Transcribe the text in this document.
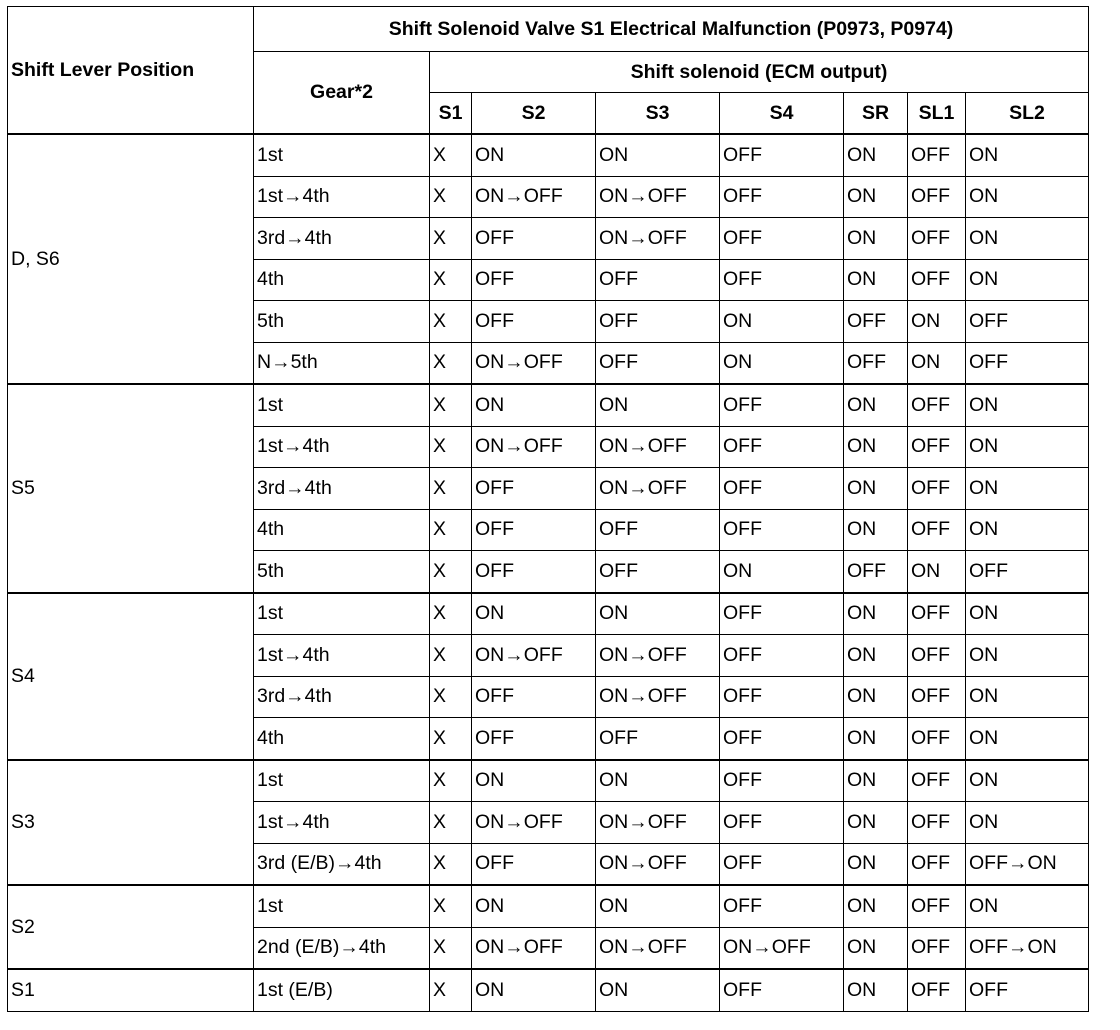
Shift Lever Position	Shift Solenoid Valve S1 Electrical Malfunction (P0973, P0974)							
	Gear*2	Shift solenoid (ECM output)						
		S1	S2	S3	S4	SR	SL1	SL2
D, S6	1st	X	ON	ON	OFF	ON	OFF	ON
	1st→4th	X	ON→OFF	ON→OFF	OFF	ON	OFF	ON
	3rd→4th	X	OFF	ON→OFF	OFF	ON	OFF	ON
	4th	X	OFF	OFF	OFF	ON	OFF	ON
	5th	X	OFF	OFF	ON	OFF	ON	OFF
	N→5th	X	ON→OFF	OFF	ON	OFF	ON	OFF
S5	1st	X	ON	ON	OFF	ON	OFF	ON
	1st→4th	X	ON→OFF	ON→OFF	OFF	ON	OFF	ON
	3rd→4th	X	OFF	ON→OFF	OFF	ON	OFF	ON
	4th	X	OFF	OFF	OFF	ON	OFF	ON
	5th	X	OFF	OFF	ON	OFF	ON	OFF
S4	1st	X	ON	ON	OFF	ON	OFF	ON
	1st→4th	X	ON→OFF	ON→OFF	OFF	ON	OFF	ON
	3rd→4th	X	OFF	ON→OFF	OFF	ON	OFF	ON
	4th	X	OFF	OFF	OFF	ON	OFF	ON
S3	1st	X	ON	ON	OFF	ON	OFF	ON
	1st→4th	X	ON→OFF	ON→OFF	OFF	ON	OFF	ON
	3rd (E/B)→4th	X	OFF	ON→OFF	OFF	ON	OFF	OFF→ON
S2	1st	X	ON	ON	OFF	ON	OFF	ON
	2nd (E/B)→4th	X	ON→OFF	ON→OFF	ON→OFF	ON	OFF	OFF→ON
S1	1st (E/B)	X	ON	ON	OFF	ON	OFF	OFF
